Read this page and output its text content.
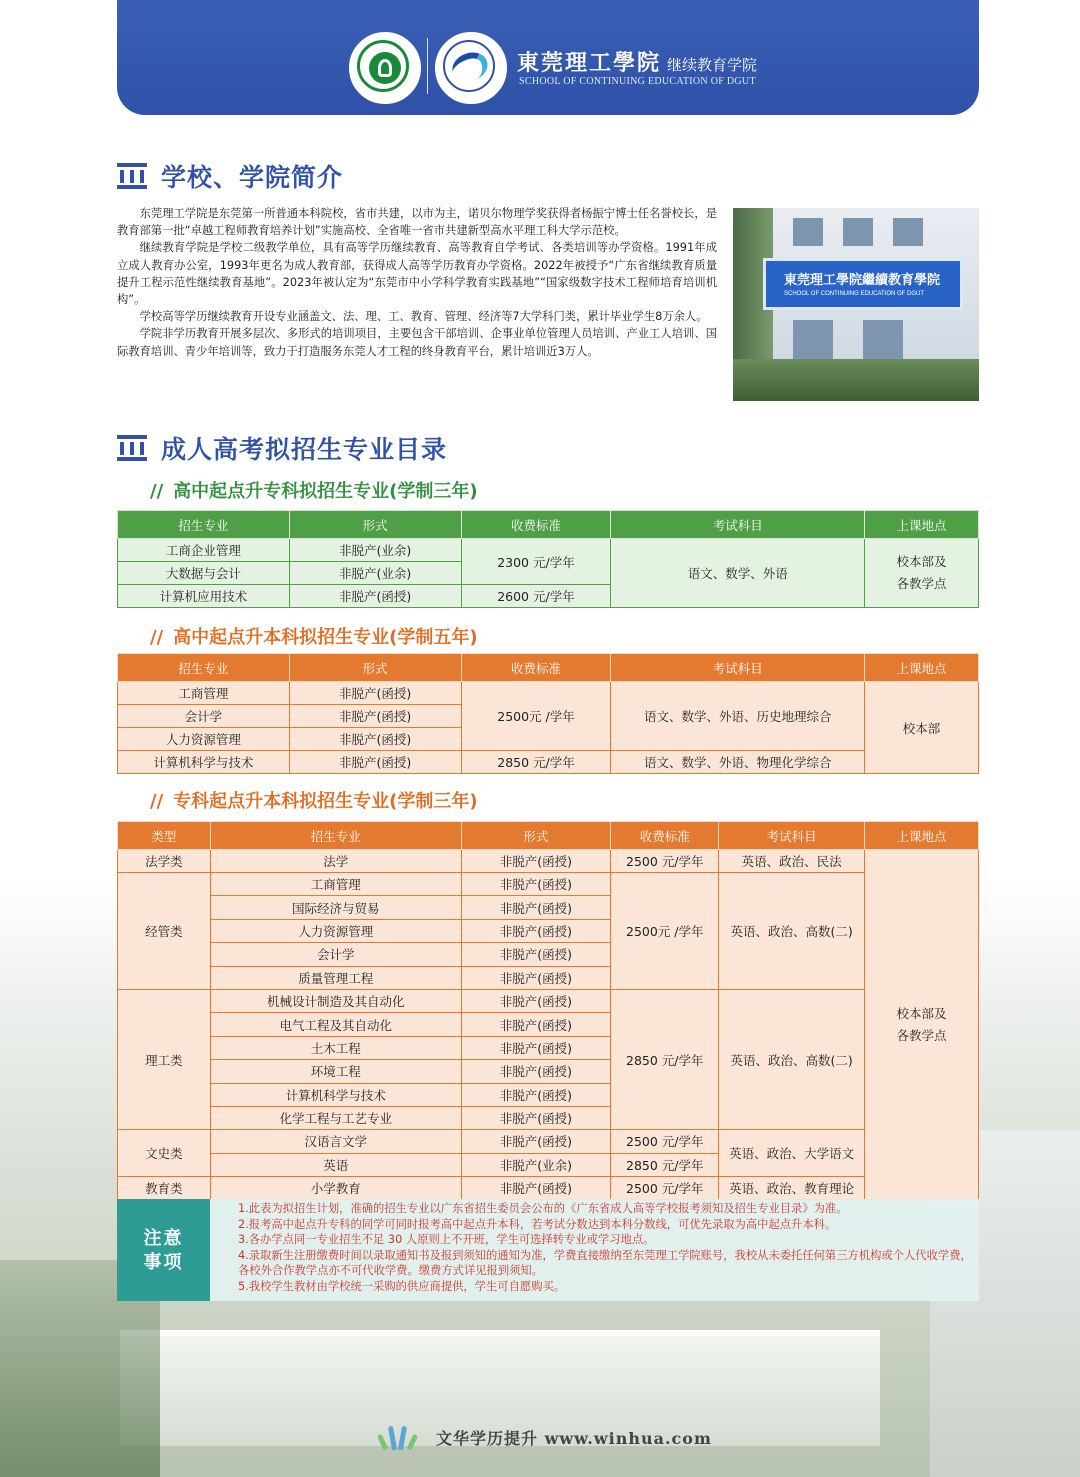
東莞理工學院 继续教育学院
SCHOOL OF CONTINUING EDUCATION OF DGUT
学校、学院简介

东莞理工学院是东莞第一所普通本科院校，省市共建，以市为主，诺贝尔物理学奖获得者杨振宁博士任名誉校长，是教育部第一批“卓越工程师教育培养计划”实施高校、全省唯一省市共建新型高水平理工科大学示范校。

继续教育学院是学校二级教学单位，具有高等学历继续教育、高等教育自学考试、各类培训等办学资格。1991年成立成人教育办公室，1993年更名为成人教育部，获得成人高等学历教育办学资格。2022年被授予“广东省继续教育质量提升工程示范性继续教育基地”。2023年被认定为“东莞市中小学科学教育实践基地”“国家级数字技术工程师培育培训机构”。

学校高等学历继续教育开设专业涵盖文、法、理、工、教育、管理、经济等7大学科门类，累计毕业学生8万余人。

学院非学历教育开展多层次、多形式的培训项目，主要包含干部培训、企事业单位管理人员培训、产业工人培训、国际教育培训、青少年培训等，致力于打造服务东莞人才工程的终身教育平台，累计培训近3万人。

東莞理工學院繼續教育學院
SCHOOL OF CONTINUING EDUCATION OF DGUT
成人高考拟招生专业目录
// 高中起点升专科拟招生专业(学制三年)
招生专业	形式	收费标准	考试科目	上课地点
工商企业管理	非脱产(业余)	2300 元/学年	语文、数学、外语	校本部及各教学点

大数据与会计	非脱产(业余)			
计算机应用技术	非脱产(函授)	2600 元/学年		
// 高中起点升本科拟招生专业(学制五年)
招生专业	形式	收费标准	考试科目	上课地点
工商管理	非脱产(函授)	2500元 /学年	语文、数学、外语、历史地理综合	校本部
会计学	非脱产(函授)			
人力资源管理	非脱产(函授)			
计算机科学与技术	非脱产(函授)	2850 元/学年	语文、数学、外语、物理化学综合	
// 专科起点升本科拟招生专业(学制三年)
类型	招生专业	形式	收费标准	考试科目	上课地点
法学类	法学	非脱产(函授)	2500 元/学年	英语、政治、民法	校本部及各教学点

经管类	工商管理	非脱产(函授)	2500元 /学年	英语、政治、高数(二)	
	国际经济与贸易	非脱产(函授)			
	人力资源管理	非脱产(函授)			
	会计学	非脱产(函授)			
	质量管理工程	非脱产(函授)			
理工类	机械设计制造及其自动化	非脱产(函授)	2850 元/学年	英语、政治、高数(二)	
	电气工程及其自动化	非脱产(函授)			
	土木工程	非脱产(函授)			
	环境工程	非脱产(函授)			
	计算机科学与技术	非脱产(函授)			
	化学工程与工艺专业	非脱产(函授)			
文史类	汉语言文学	非脱产(函授)	2500 元/学年	英语、政治、大学语文	
	英语	非脱产(业余)	2850 元/学年		
教育类	小学教育	非脱产(函授)	2500 元/学年	英语、政治、教育理论	
注意
事项
1.此表为拟招生计划，准确的招生专业以广东省招生委员会公布的《广东省成人高等学校报考须知及招生专业目录》为准。
2.报考高中起点升专科的同学可同时报考高中起点升本科，若考试分数达到本科分数线，可优先录取为高中起点升本科。
3.各办学点同一专业招生不足 30 人原则上不开班，学生可选择转专业或学习地点。
4.录取新生注册缴费时间以录取通知书及报到须知的通知为准，学费直接缴纳至东莞理工学院账号，我校从未委托任何第三方机构或个人代收学费，各校外合作教学点亦不可代收学费。缴费方式详见报到须知。
5.我校学生教材由学校统一采购的供应商提供，学生可自愿购买。
文华学历提升 www.winhua.com
